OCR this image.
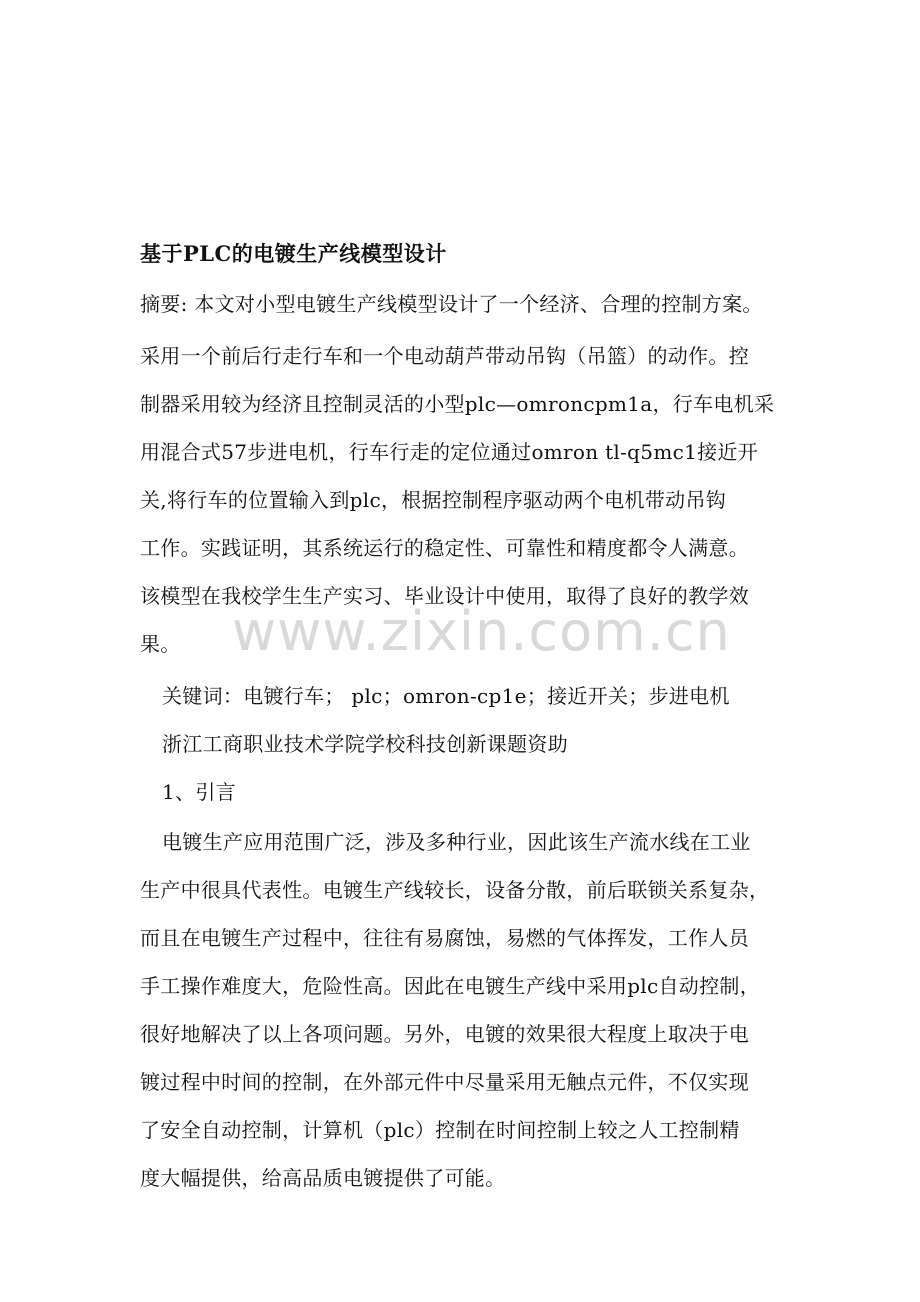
基于PLC的电镀生产线模型设计
摘要: 本文对小型电镀生产线模型设计了一个经济、合理的控制方案。
采用一个前后行走行车和一个电动葫芦带动吊钩（吊篮）的动作。控
制器采用较为经济且控制灵活的小型plc—omroncpm1a，行车电机采
用混合式57步进电机，行车行走的定位通过omron tl-q5mc1接近开
关,将行车的位置输入到plc，根据控制程序驱动两个电机带动吊钩
工作。实践证明，其系统运行的稳定性、可靠性和精度都令人满意。
该模型在我校学生生产实习、毕业设计中使用，取得了良好的教学效
果。 www.zixin.com.cn
关键词：电镀行车； plc；omron-cp1e；接近开关；步进电机
浙江工商职业技术学院学校科技创新课题资助
1、引言
电镀生产应用范围广泛，涉及多种行业，因此该生产流水线在工业
生产中很具代表性。电镀生产线较长，设备分散，前后联锁关系复杂，
而且在电镀生产过程中，往往有易腐蚀，易燃的气体挥发，工作人员
手工操作难度大，危险性高。因此在电镀生产线中采用plc自动控制，
很好地解决了以上各项问题。另外，电镀的效果很大程度上取决于电
镀过程中时间的控制，在外部元件中尽量采用无触点元件，不仅实现
了安全自动控制，计算机（plc）控制在时间控制上较之人工控制精
度大幅提供，给高品质电镀提供了可能。
